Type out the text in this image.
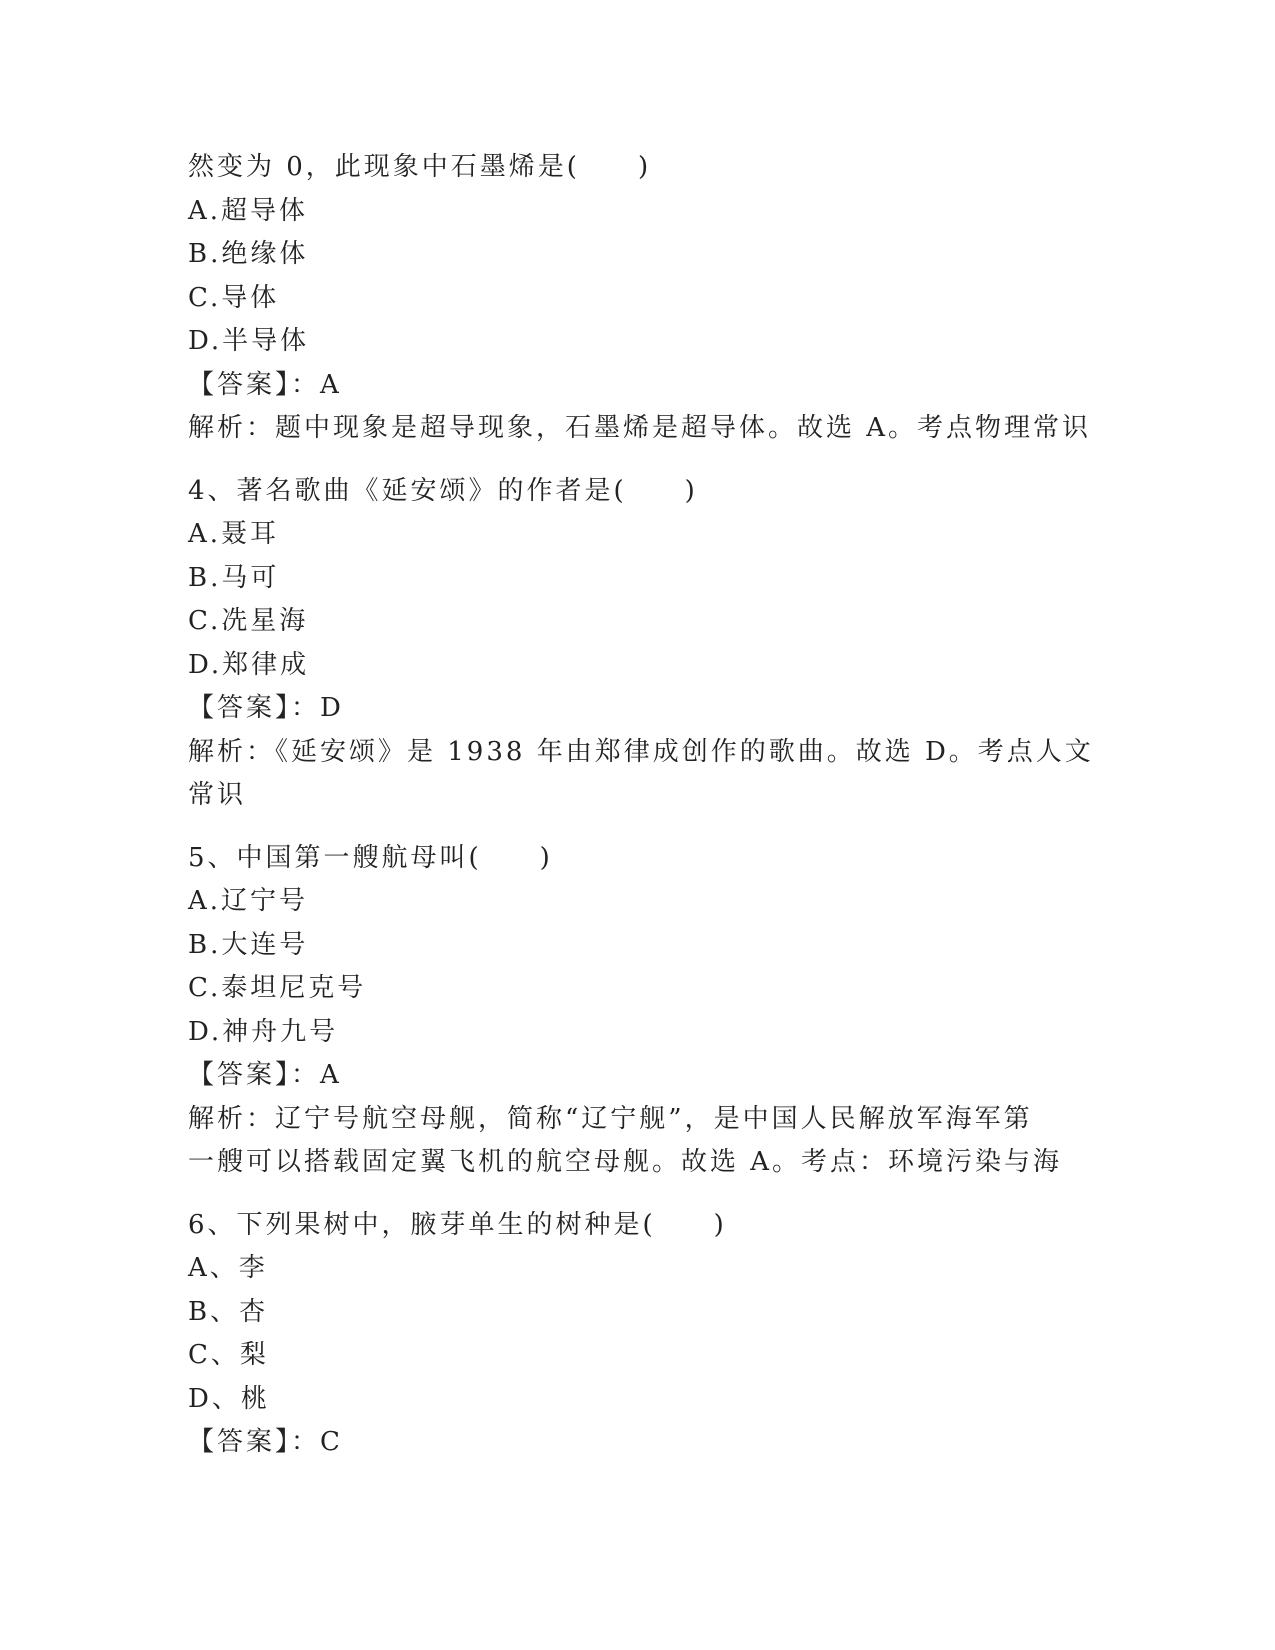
然变为 0，此现象中石墨烯是(　　)
A.超导体
B.绝缘体
C.导体
D.半导体
【答案】：A
解析：题中现象是超导现象，石墨烯是超导体。故选 A。考点物理常识
4、著名歌曲《延安颂》的作者是(　　)
A.聂耳
B.马可
C.冼星海
D.郑律成
【答案】：D
解析：《延安颂》是 1938 年由郑律成创作的歌曲。故选 D。考点人文
常识
5、中国第一艘航母叫(　　)
A.辽宁号
B.大连号
C.泰坦尼克号
D.神舟九号
【答案】：A
解析：辽宁号航空母舰，简称“辽宁舰”，是中国人民解放军海军第
一艘可以搭载固定翼飞机的航空母舰。故选 A。考点：环境污染与海
6、下列果树中，腋芽单生的树种是(　　)
A、李
B、杏
C、梨
D、桃
【答案】：C
